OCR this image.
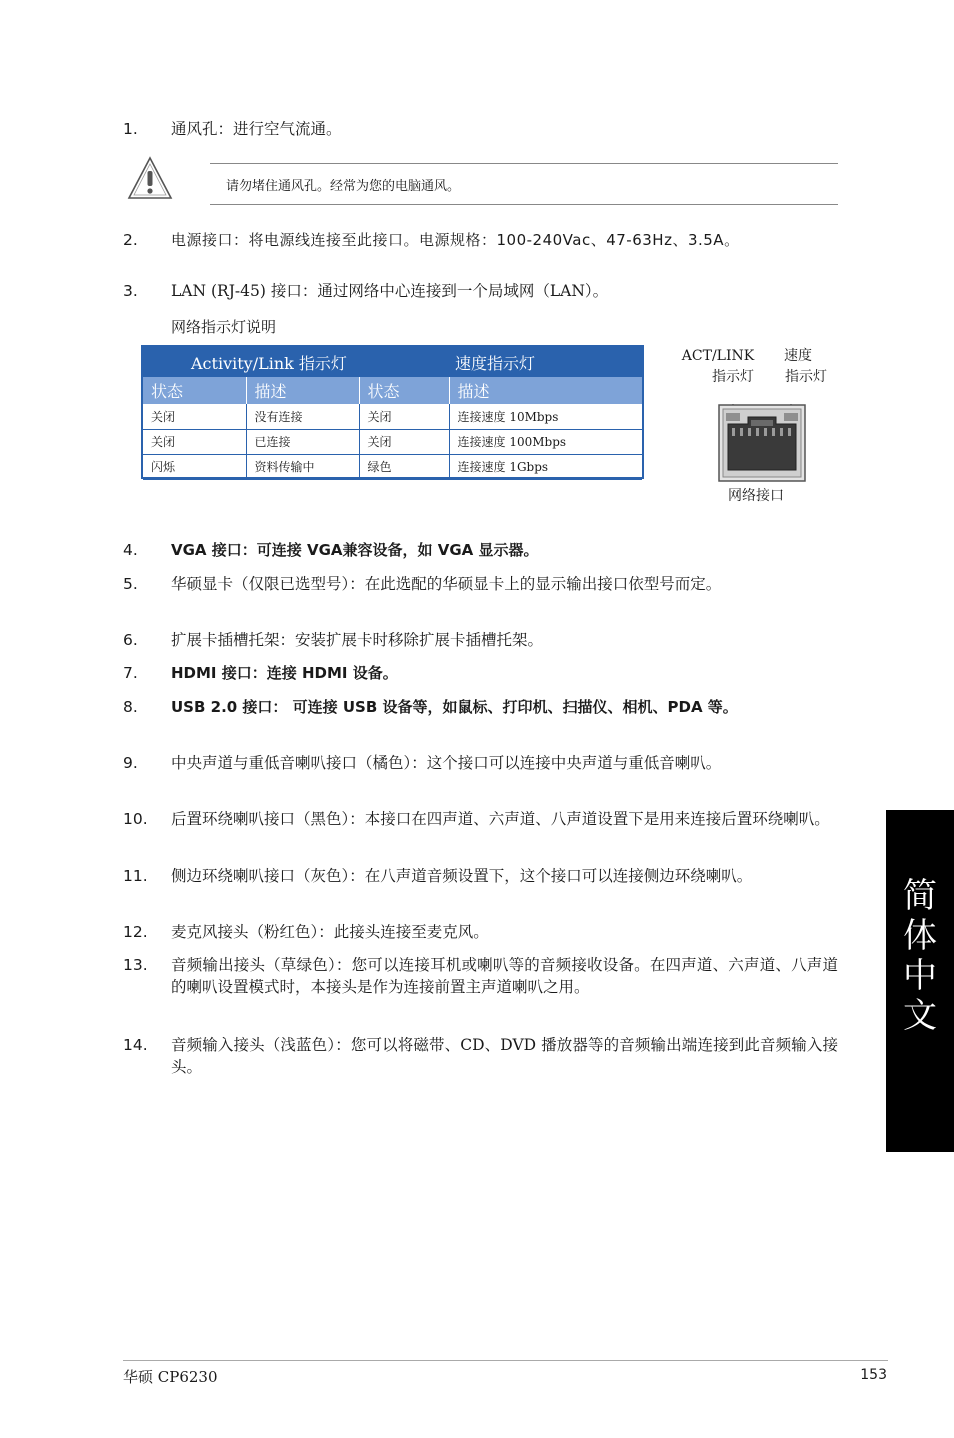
1.	通风孔：进行空气流通。
请勿堵住通风孔。经常为您的电脑通风。
2.	电源接口：将电源线连接至此接口。电源规格：100-240Vac、47-63Hz、3.5A。
3.	LAN (RJ-45) 接口：通过网络中心连接到一个局域网（LAN）。
网络指示灯说明
Activity/Link 指示灯		速度指示灯	
状态	描述	状态	描述
关闭	没有连接	关闭	连接速度 10Mbps
关闭	已连接	关闭	连接速度 100Mbps
闪烁	资料传输中	绿色	连接速度 1Gbps
ACT/LINK
指示灯
速度
指示灯
网络接口
4.	VGA 接口：可连接 VGA兼容设备，如 VGA 显示器。
5.	华硕显卡（仅限已选型号）：在此选配的华硕显卡上的显示输出接口依型号而定。
6.	扩展卡插槽托架：安装扩展卡时移除扩展卡插槽托架。
7.	HDMI 接口：连接 HDMI 设备。
8.	USB 2.0 接口： 可连接 USB 设备等，如鼠标、打印机、扫描仪、相机、PDA 等。
9.	中央声道与重低音喇叭接口（橘色）：这个接口可以连接中央声道与重低音喇叭。
10.	后置环绕喇叭接口（黑色）：本接口在四声道、六声道、八声道设置下是用来连接后置环绕喇叭。
11.	侧边环绕喇叭接口（灰色）：在八声道音频设置下，这个接口可以连接侧边环绕喇叭。
12.	麦克风接头（粉红色）：此接头连接至麦克风。
13.	音频输出接头（草绿色）：您可以连接耳机或喇叭等的音频接收设备。在四声道、六声道、八声道的喇叭设置模式时，本接头是作为连接前置主声道喇叭之用。
14.	音频输入接头（浅蓝色）：您可以将磁带、CD、DVD 播放器等的音频输出端连接到此音频输入接头。
简
体
中
文
华硕 CP6230	153
